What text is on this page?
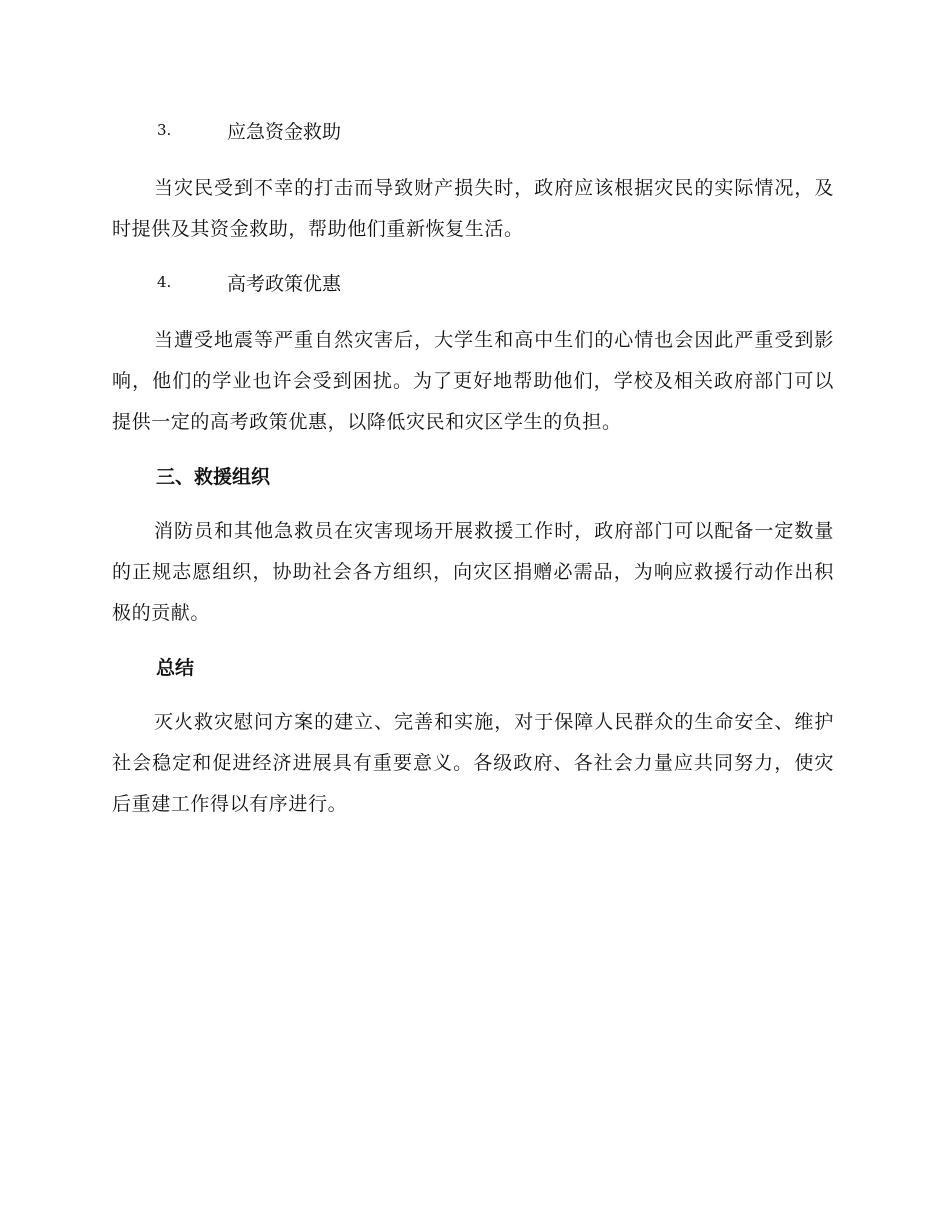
3.	应急资金救助

当灾民受到不幸的打击而导致财产损失时，政府应该根据灾民的实际情况，及时提供及其资金救助，帮助他们重新恢复生活。

4.	高考政策优惠

当遭受地震等严重自然灾害后，大学生和高中生们的心情也会因此严重受到影响，他们的学业也许会受到困扰。为了更好地帮助他们，学校及相关政府部门可以提供一定的高考政策优惠，以降低灾民和灾区学生的负担。

三、救援组织

消防员和其他急救员在灾害现场开展救援工作时，政府部门可以配备一定数量的正规志愿组织，协助社会各方组织，向灾区捐赠必需品，为响应救援行动作出积极的贡献。

总结

灭火救灾慰问方案的建立、完善和实施，对于保障人民群众的生命安全、维护社会稳定和促进经济进展具有重要意义。各级政府、各社会力量应共同努力，使灾后重建工作得以有序进行。
